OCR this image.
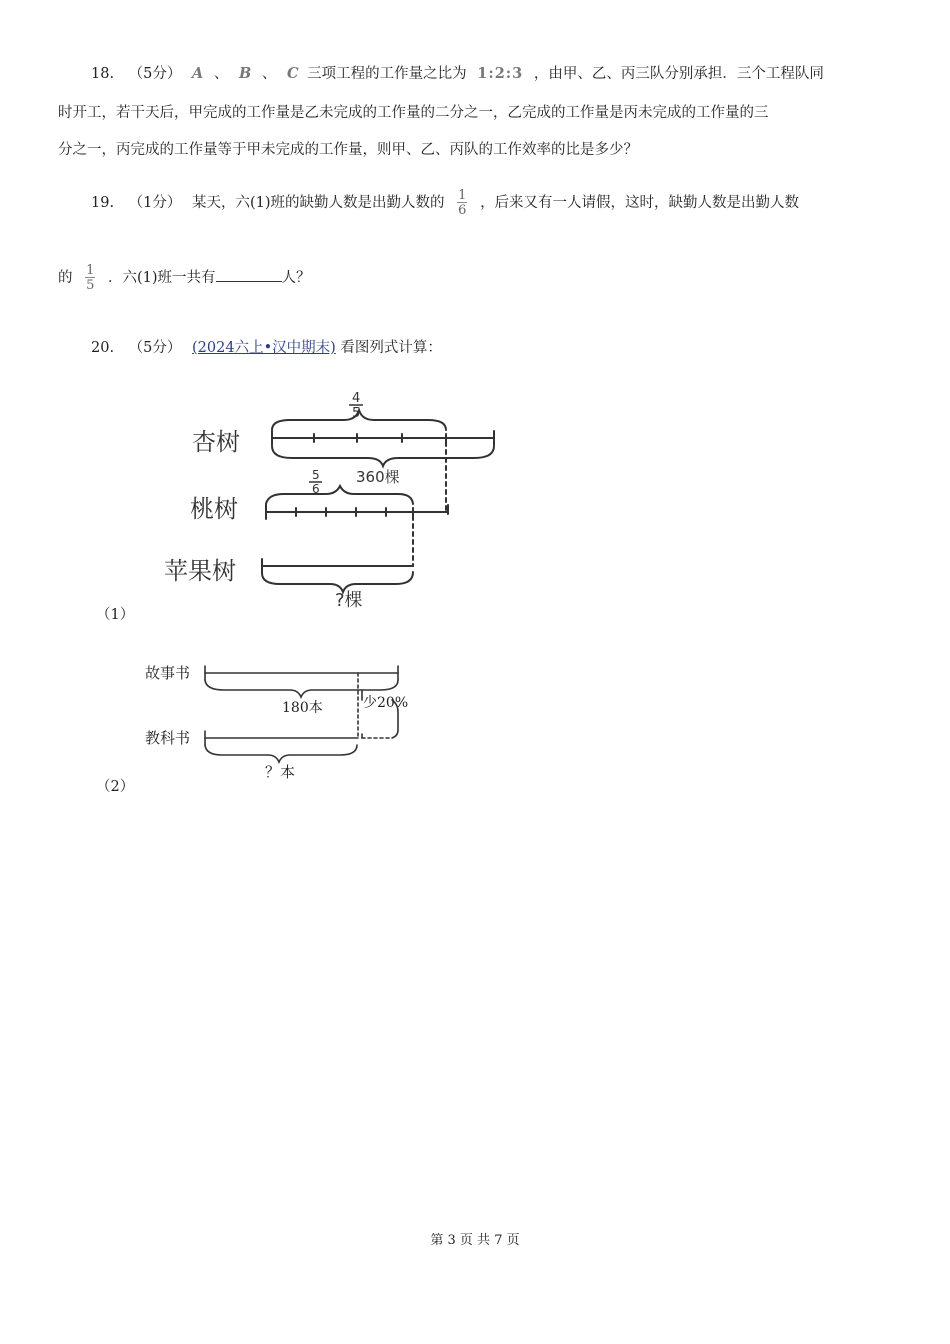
18. （5分） A 、 B 、 C 三项工程的工作量之比为 1:2:3 ，由甲、乙、丙三队分别承担．三个工程队同
时开工，若干天后，甲完成的工作量是乙未完成的工作量的二分之一，乙完成的工作量是丙未完成的工作量的三
分之一，丙完成的工作量等于甲未完成的工作量，则甲、乙、丙队的工作效率的比是多少？
19. （1分） 某天，六(1)班的缺勤人数是出勤人数的 $\frac{1}{6}$ ，后来又有一人请假，这时，缺勤人数是出勤人数
的 $\frac{1}{5}$ ．六(1)班一共有	人？
20. （5分） (2024六上•汉中期末) 看图列式计算：
杏树
桃树
苹果树
4
5
5
6
360棵
?棵
（1）
故事书
教科书
180本	少20%
？本
（2）
第 3 页 共 7 页
